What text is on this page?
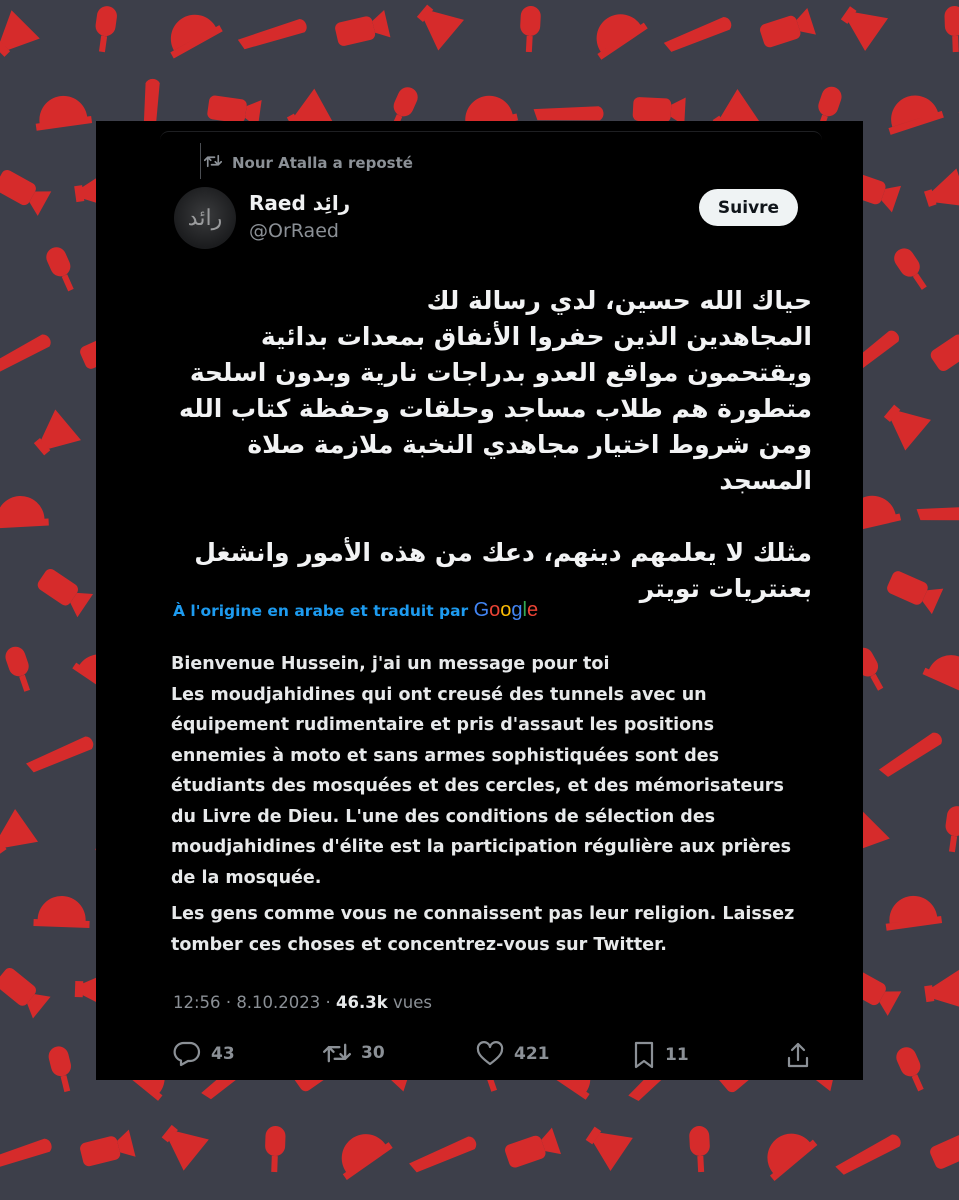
Nour Atalla a reposté
رائد
Raed رائِد
@OrRaed
Suivre

حياك الله حسين، لدي رسالة لك
المجاهدين الذين حفروا الأنفاق بمعدات بدائية ويقتحمون مواقع العدو بدراجات نارية وبدون اسلحة متطورة هم طلاب مساجد وحلقات وحفظة كتاب الله ومن شروط اختيار مجاهدي النخبة ملازمة صلاة المسجد

مثلك لا يعلمهم دينهم، دعك من هذه الأمور وانشغل بعنتريات تويتر

À l'origine en arabe et traduit par Google

Bienvenue Hussein, j'ai un message pour toi
Les moudjahidines qui ont creusé des tunnels avec un équipement rudimentaire et pris d'assaut les positions ennemies à moto et sans armes sophistiquées sont des étudiants des mosquées et des cercles, et des mémorisateurs du Livre de Dieu. L'une des conditions de sélection des moudjahidines d'élite est la participation régulière aux prières de la mosquée.

Les gens comme vous ne connaissent pas leur religion. Laissez tomber ces choses et concentrez-vous sur Twitter.

12:56 · 8.10.2023 · 46.3k vues
43	30	421	11
